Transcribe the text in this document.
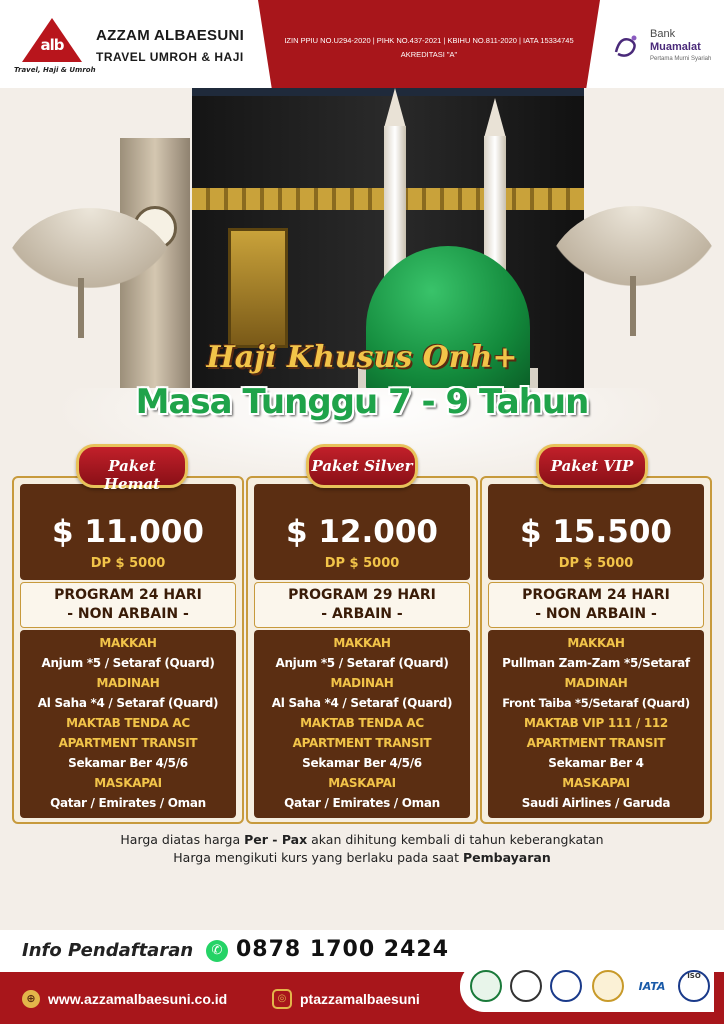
alb
Travel, Haji & Umroh
AZZAM ALBAESUNI
TRAVEL UMROH & HAJI
IZIN PPIU NO.U294-2020 | PIHK NO.437-2021 | KBIHU NO.811-2020 | IATA 15334745
AKREDITASI "A"
Bank
Muamalat
Pertama Murni Syariah
Haji Khusus Onh+
Masa Tunggu 7 - 9 Tahun
$ 11.000
DP $ 5000
PROGRAM 24 HARI
- NON ARBAIN -
MAKKAH
Anjum *5 / Setaraf (Quard)
MADINAH
Al Saha *4 / Setaraf (Quard)
MAKTAB TENDA AC
APARTMENT TRANSIT
Sekamar Ber 4/5/6
MASKAPAI
Qatar / Emirates / Oman
$ 12.000
DP $ 5000
PROGRAM 29 HARI
- ARBAIN -
MAKKAH
Anjum *5 / Setaraf (Quard)
MADINAH
Al Saha *4 / Setaraf (Quard)
MAKTAB TENDA AC
APARTMENT TRANSIT
Sekamar Ber 4/5/6
MASKAPAI
Qatar / Emirates / Oman
$ 15.500
DP $ 5000
PROGRAM 24 HARI
- NON ARBAIN -
MAKKAH
Pullman Zam-Zam *5/Setaraf
MADINAH
Front Taiba *5/Setaraf (Quard)
MAKTAB VIP 111 / 112
APARTMENT TRANSIT
Sekamar Ber 4
MASKAPAI
Saudi Airlines / Garuda
Paket Hemat
Paket Silver	Paket VIP
Harga diatas harga Per - Pax akan dihitung kembali di tahun keberangkatan
Harga mengikuti kurs yang berlaku pada saat Pembayaran
Info Pendaftaran	✆ 0878 1700 2424
⊕ www.azzamalbaesuni.co.id	◎ ptazzamalbaesuni
IATA
ISO
